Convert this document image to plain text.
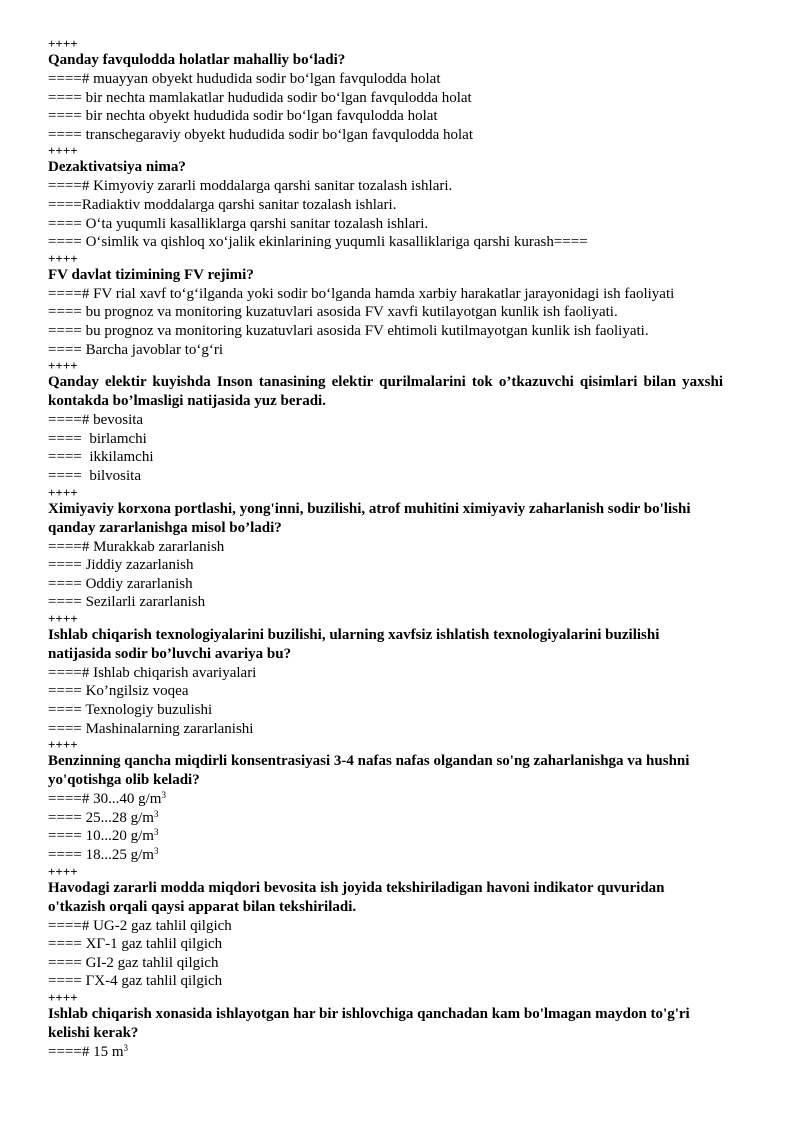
++++
Qanday favqulodda holatlar mahalliy bo‘ladi?
====# muayyan obyekt hududida sodir bo‘lgan favqulodda holat
==== bir nechta mamlakatlar hududida sodir bo‘lgan favqulodda holat
==== bir nechta obyekt hududida sodir bo‘lgan favqulodda holat
==== transchegaraviy obyekt hududida sodir bo‘lgan favqulodda holat
++++
Dezaktivatsiya nima?
====# Kimyoviy zararli moddalarga qarshi sanitar tozalash ishlari.
====Radiaktiv moddalarga qarshi sanitar tozalash ishlari.
==== O‘ta yuqumli kasalliklarga qarshi sanitar tozalash ishlari.
==== O‘simlik va qishloq xo‘jalik ekinlarining yuqumli kasalliklariga qarshi kurash====
++++
FV davlat tizimining FV rejimi?
====# FV rial xavf to‘g‘ilganda yoki sodir bo‘lganda hamda xarbiy harakatlar jarayonidagi ish faoliyati
==== bu prognoz va monitoring kuzatuvlari asosida FV xavfi kutilayotgan kunlik ish faoliyati.
==== bu prognoz va monitoring kuzatuvlari asosida FV ehtimoli kutilmayotgan kunlik ish faoliyati.
==== Barcha javoblar to‘g‘ri
++++
Qanday elektir kuyishda Inson tanasining elektir qurilmalarini tok o’tkazuvchi qisimlari bilan yaxshi kontakda bo’lmasligi natijasida yuz beradi.
====# bevosita
====  birlamchi
====  ikkilamchi
====  bilvosita
++++
Ximiyaviy korxona portlashi, yong'inni, buzilishi, atrof muhitini ximiyaviy zaharlanish sodir bo'lishi qanday zararlanishga misol bo’ladi?
====# Murakkab zararlanish
==== Jiddiy zazarlanish
==== Oddiy zararlanish
==== Sezilarli zararlanish
++++
Ishlab chiqarish texnologiyalarini buzilishi, ularning xavfsiz ishlatish texnologiyalarini buzilishi natijasida sodir bo’luvchi avariya bu?
====# Ishlab chiqarish avariyalari
==== Ko’ngilsiz voqea
==== Texnologiy buzulishi
==== Mashinalarning zararlanishi
++++
Benzinning qancha miqdirli konsentrasiyasi 3-4 nafas nafas olgandan so'ng zaharlanishga va hushni yo'qotishga olib keladi?
====# 30...40 $g/m^3$
==== 25...28 $g/m^3$
==== 10...20 $g/m^3$
==== 18...25 $g/m^3$
++++
Havodagi zararli modda miqdori bevosita ish joyida tekshiriladigan havoni indikator quvuridan o'tkazish orqali qaysi apparat bilan tekshiriladi.
====# UG-2 gaz tahlil qilgich
==== XГ-1 gaz tahlil qilgich
==== GI-2 gaz tahlil qilgich
==== ГX-4 gaz tahlil qilgich
++++
Ishlab chiqarish xonasida ishlayotgan har bir ishlovchiga qanchadan kam bo'lmagan maydon to'g'ri kelishi kerak?
====# 15 $m^3$
